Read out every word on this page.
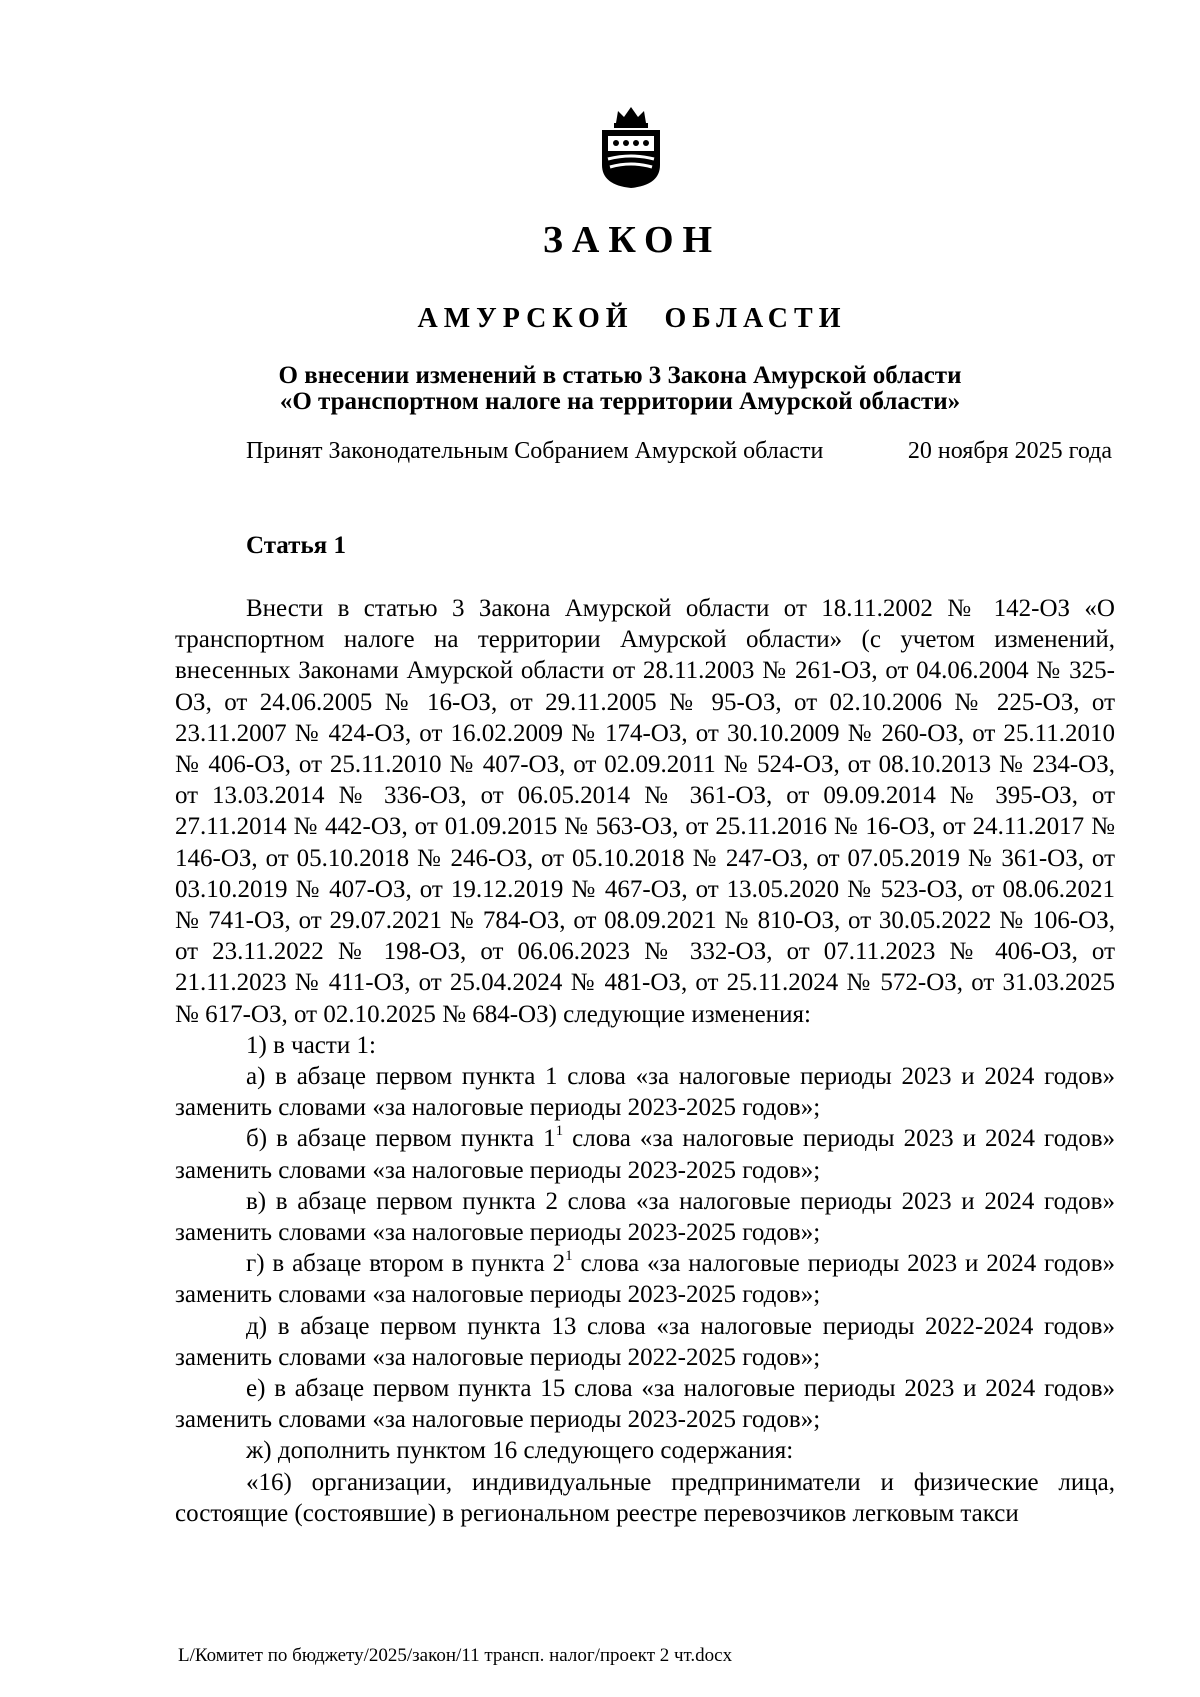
ЗАКОН
АМУРСКОЙ ОБЛАСТИ
О внесении изменений в статью 3 Закона Амурской области
«О транспортном налоге на территории Амурской области»
Принят Законодательным Собранием Амурской области	20 ноября 2025 года
Статья 1

Внести в статью 3 Закона Амурской области от 18.11.2002 № 142-ОЗ «О транспортном налоге на территории Амурской области» (с учетом изменений, внесенных Законами Амурской области от 28.11.2003 № 261-ОЗ, от 04.06.2004 № 325-ОЗ, от 24.06.2005 № 16-ОЗ, от 29.11.2005 № 95-ОЗ, от 02.10.2006 № 225-ОЗ, от 23.11.2007 № 424-ОЗ, от 16.02.2009 № 174-ОЗ, от 30.10.2009 № 260-ОЗ, от 25.11.2010 № 406-ОЗ, от 25.11.2010 № 407-ОЗ, от 02.09.2011 № 524-ОЗ, от 08.10.2013 № 234-ОЗ, от 13.03.2014 № 336-ОЗ, от 06.05.2014 № 361-ОЗ, от 09.09.2014 № 395-ОЗ, от 27.11.2014 № 442-ОЗ, от 01.09.2015 № 563-ОЗ, от 25.11.2016 № 16-ОЗ, от 24.11.2017 № 146-ОЗ, от 05.10.2018 № 246-ОЗ, от 05.10.2018 № 247-ОЗ, от 07.05.2019 № 361-ОЗ, от 03.10.2019 № 407-ОЗ, от 19.12.2019 № 467-ОЗ, от 13.05.2020 № 523-ОЗ, от 08.06.2021 № 741-ОЗ, от 29.07.2021 № 784-ОЗ, от 08.09.2021 № 810-ОЗ, от 30.05.2022 № 106-ОЗ, от 23.11.2022 № 198-ОЗ, от 06.06.2023 № 332-ОЗ, от 07.11.2023 № 406-ОЗ, от 21.11.2023 № 411-ОЗ, от 25.04.2024 № 481-ОЗ, от 25.11.2024 № 572-ОЗ, от 31.03.2025 № 617-ОЗ, от 02.10.2025 № 684-ОЗ) следующие изменения:

1) в части 1:

а) в абзаце первом пункта 1 слова «за налоговые периоды 2023 и 2024 годов» заменить словами «за налоговые периоды 2023-2025 годов»;

б) в абзаце первом пункта $1^1$ слова «за налоговые периоды 2023 и 2024 годов» заменить словами «за налоговые периоды 2023-2025 годов»;

в) в абзаце первом пункта 2 слова «за налоговые периоды 2023 и 2024 годов» заменить словами «за налоговые периоды 2023-2025 годов»;

г) в абзаце втором в пункта $2^1$ слова «за налоговые периоды 2023 и 2024 годов» заменить словами «за налоговые периоды 2023-2025 годов»;

д) в абзаце первом пункта 13 слова «за налоговые периоды 2022-2024 годов» заменить словами «за налоговые периоды 2022-2025 годов»;

е) в абзаце первом пункта 15 слова «за налоговые периоды 2023 и 2024 годов» заменить словами «за налоговые периоды 2023-2025 годов»;

ж) дополнить пунктом 16 следующего содержания:

«16) организации, индивидуальные предприниматели и физические лица, состоящие (состоявшие) в региональном реестре перевозчиков легковым такси

L/Комитет по бюджету/2025/закон/11 трансп. налог/проект 2 чт.docx
